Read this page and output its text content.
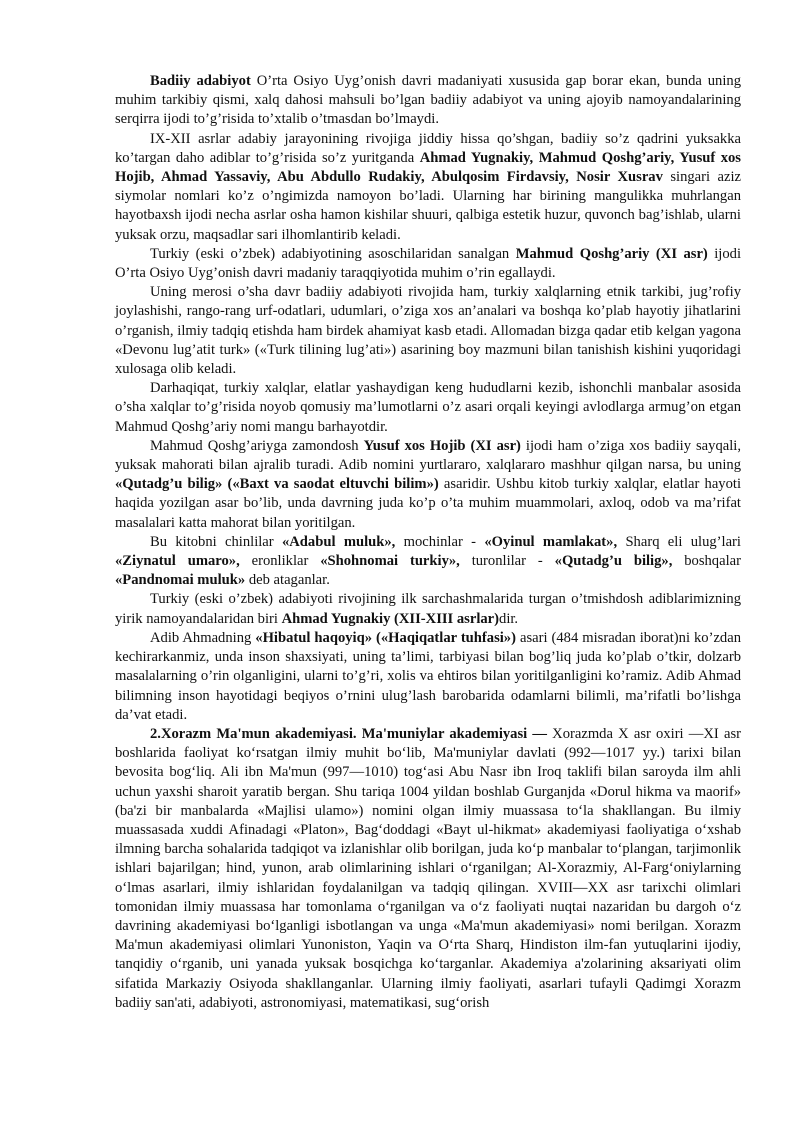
Badiiy adabiyot O’rta Osiyo Uyg’onish davri madaniyati xususida gap borar ekan, bunda uning muhim tarkibiy qismi, xalq dahosi mahsuli bo’lgan badiiy adabiyot va uning ajoyib namoyandalarining serqirra ijodi to’g’risida to’xtalib o’tmasdan bo’lmaydi.

IX-XII asrlar adabiy jarayonining rivojiga jiddiy hissa qo’shgan, badiiy so’z qadrini yuksakka ko’targan daho adiblar to’g’risida so’z yuritganda Ahmad Yugnakiy, Mahmud Qoshg’ariy, Yusuf xos Hojib, Ahmad Yassaviy, Abu Abdullo Rudakiy, Abulqosim Firdavsiy, Nosir Xusrav singari aziz siymolar nomlari ko’z o’ngimizda namoyon bo’ladi. Ularning har birining mangulikka muhrlangan hayotbaxsh ijodi necha asrlar osha hamon kishilar shuuri, qalbiga estetik huzur, quvonch bag’ishlab, ularni yuksak orzu, maqsadlar sari ilhomlantirib keladi.

Turkiy (eski o’zbek) adabiyotining asoschilaridan sanalgan Mahmud Qoshg’ariy (XI asr) ijodi O’rta Osiyo Uyg’onish davri madaniy taraqqiyotida muhim o’rin egallaydi.

Uning merosi o’sha davr badiiy adabiyoti rivojida ham, turkiy xalqlarning etnik tarkibi, jug’rofiy joylashishi, rango-rang urf-odatlari, udumlari, o’ziga xos an’analari va boshqa ko’plab hayotiy jihatlarini o’rganish, ilmiy tadqiq etishda ham birdek ahamiyat kasb etadi. Allomadan bizga qadar etib kelgan yagona «Devonu lug’atit turk» («Turk tilining lug’ati») asarining boy mazmuni bilan tanishish kishini yuqoridagi xulosaga olib keladi.

Darhaqiqat, turkiy xalqlar, elatlar yashaydigan keng hududlarni kezib, ishonchli manbalar asosida o’sha xalqlar to’g’risida noyob qomusiy ma’lumotlarni o’z asari orqali keyingi avlodlarga armug’on etgan Mahmud Qoshg’ariy nomi mangu barhayotdir.

Mahmud Qoshg’ariyga zamondosh Yusuf xos Hojib (XI asr) ijodi ham o’ziga xos badiiy sayqali, yuksak mahorati bilan ajralib turadi. Adib nomini yurtlararo, xalqlararo mashhur qilgan narsa, bu uning «Qutadg’u bilig» («Baxt va saodat eltuvchi bilim») asaridir. Ushbu kitob turkiy xalqlar, elatlar hayoti haqida yozilgan asar bo’lib, unda davrning juda ko’p o’ta muhim muammolari, axloq, odob va ma’rifat masalalari katta mahorat bilan yoritilgan.

Bu kitobni chinlilar «Adabul muluk», mochinlar - «Oyinul mamlakat», Sharq eli ulug’lari «Ziynatul umaro», eronliklar «Shohnomai turkiy», turonlilar - «Qutadg’u bilig», boshqalar «Pandnomai muluk» deb ataganlar.

Turkiy (eski o’zbek) adabiyoti rivojining ilk sarchashmalarida turgan o’tmishdosh adiblarimizning yirik namoyandalaridan biri Ahmad Yugnakiy (XII-XIII asrlar)dir.

Adib Ahmadning «Hibatul haqoyiq» («Haqiqatlar tuhfasi») asari (484 misradan iborat)ni ko’zdan kechirarkanmiz, unda inson shaxsiyati, uning ta’limi, tarbiyasi bilan bog’liq juda ko’plab o’tkir, dolzarb masalalarning o’rin olganligini, ularni to’g’ri, xolis va ehtiros bilan yoritilganligini ko’ramiz. Adib Ahmad bilimning inson hayotidagi beqiyos o’rnini ulug’lash barobarida odamlarni bilimli, ma’rifatli bo’lishga da’vat etadi.

2.Xorazm Ma'mun akademiyasi. Ma'muniylar akademiyasi — Xorazmda X asr oxiri —XI asr boshlarida faoliyat koʻrsatgan ilmiy muhit boʻlib, Ma'muniylar davlati (992—1017 yy.) tarixi bilan bevosita bogʻliq. Ali ibn Ma'mun (997—1010) togʻasi Abu Nasr ibn Iroq taklifi bilan saroyda ilm ahli uchun yaxshi sharoit yaratib bergan. Shu tariqa 1004 yildan boshlab Gurganjda «Dorul hikma va maorif» (ba'zi bir manbalarda «Majlisi ulamo») nomini olgan ilmiy muassasa toʻla shakllangan. Bu ilmiy muassasada xuddi Afinadagi «Platon», Bagʻdoddagi «Bayt ul-hikmat» akademiyasi faoliyatiga oʻxshab ilmning barcha sohalarida tadqiqot va izlanishlar olib borilgan, juda koʻp manbalar toʻplangan, tarjimonlik ishlari bajarilgan; hind, yunon, arab olimlarining ishlari oʻrganilgan; Al-Xorazmiy, Al-Fargʻoniylarning oʻlmas asarlari, ilmiy ishlaridan foydalanilgan va tadqiq qilingan. XVIII—XX asr tarixchi olimlari tomonidan ilmiy muassasa har tomonlama oʻrganilgan va oʻz faoliyati nuqtai nazaridan bu dargoh oʻz davrining akademiyasi boʻlganligi isbotlangan va unga «Ma'mun akademiyasi» nomi berilgan. Xorazm Ma'mun akademiyasi olimlari Yunoniston, Yaqin va Oʻrta Sharq, Hindiston ilm-fan yutuqlarini ijodiy, tanqidiy oʻrganib, uni yanada yuksak bosqichga koʻtarganlar. Akademiya a'zolarining aksariyati olim sifatida Markaziy Osiyoda shakllanganlar. Ularning ilmiy faoliyati, asarlari tufayli Qadimgi Xorazm badiiy san'ati, adabiyoti, astronomiyasi, matematikasi, sugʻorish
